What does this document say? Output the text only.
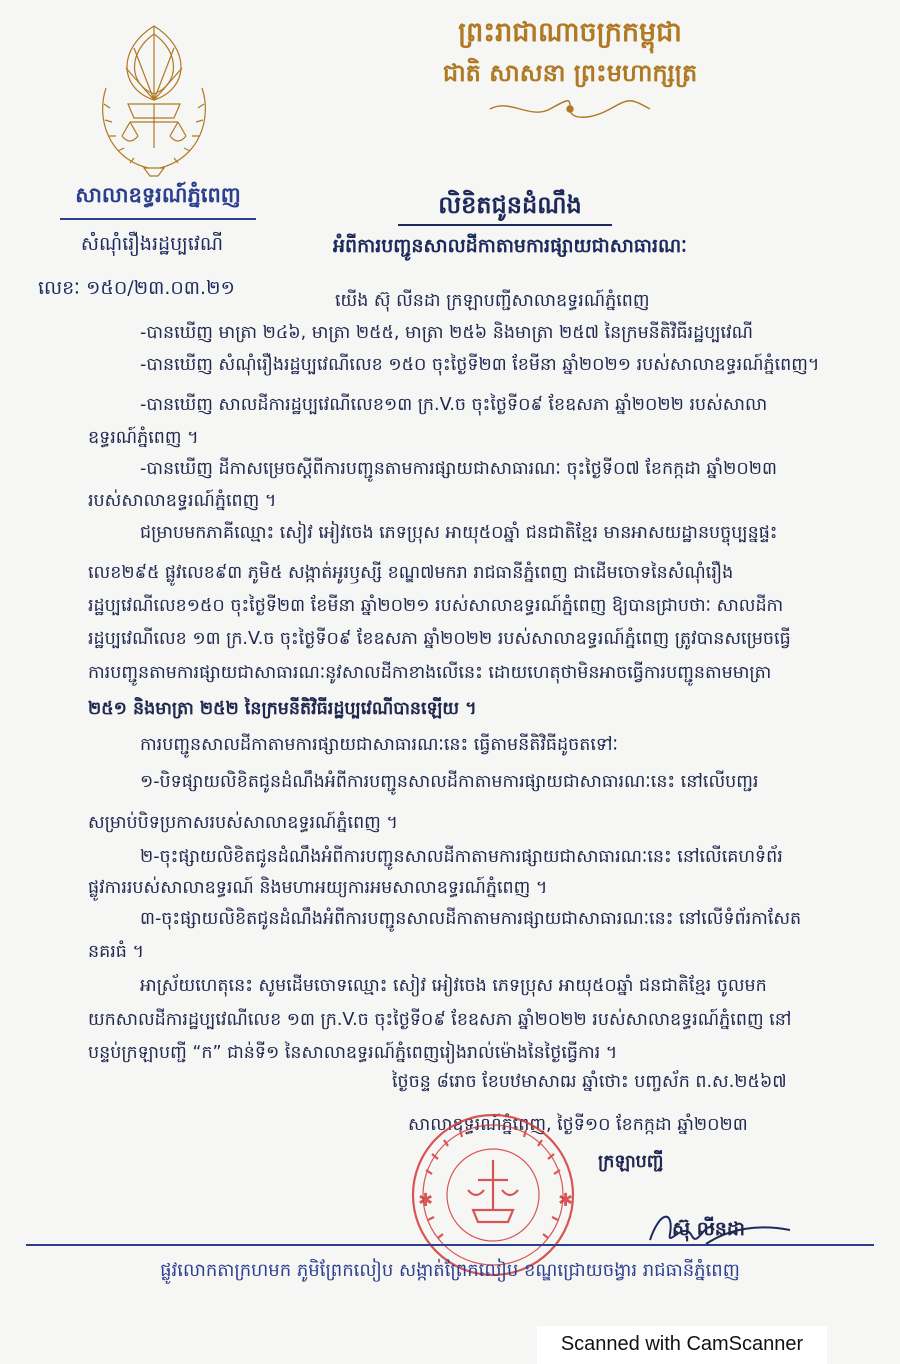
ព្រះរាជាណាចក្រកម្ពុជា
ជាតិ សាសនា ព្រះមហាក្សត្រ
សាលាឧទ្ធរណ៍ភ្នំពេញ
សំណុំរឿងរដ្ឋប្បវេណី
លេខៈ ១៥០/២៣.០៣.២១
លិខិតជូនដំណឹង
អំពីការបញ្ជូនសាលដីកាតាមការផ្សាយជាសាធារណៈ
យើង ស៊ុ លីនដា ក្រឡាបញ្ជីសាលាឧទ្ធរណ៍ភ្នំពេញ
-បានឃើញ មាត្រា ២៤៦, មាត្រា ២៥៥, មាត្រា ២៥៦ និងមាត្រា ២៥៧ នៃក្រមនីតិវិធីរដ្ឋប្បវេណី
-បានឃើញ សំណុំរឿងរដ្ឋប្បវេណីលេខ ១៥០ ចុះថ្ងៃទី២៣ ខែមីនា ឆ្នាំ២០២១ របស់សាលាឧទ្ធរណ៍ភ្នំពេញ។
-បានឃើញ សាលដីការដ្ឋប្បវេណីលេខ១៣ ក្រ.V.ច ចុះថ្ងៃទី០៩ ខែឧសភា ឆ្នាំ២០២២ របស់សាលា
ឧទ្ធរណ៍ភ្នំពេញ ។
-បានឃើញ ដីកាសម្រេចស្តីពីការបញ្ជូនតាមការផ្សាយជាសាធារណៈ ចុះថ្ងៃទី០៧ ខែកក្កដា ឆ្នាំ២០២៣
របស់សាលាឧទ្ធរណ៍ភ្នំពេញ ។
ជម្រាបមកភាគីឈ្មោះ សៀវ អៀវចេង ភេទប្រុស អាយុ៥០ឆ្នាំ ជនជាតិខ្មែរ មានអាសយដ្ឋានបច្ចុប្បន្នផ្ទះ
លេខ២៩៥ ផ្លូវលេខ៩៣ ភូមិ៥ សង្កាត់អូរឫស្សី ខណ្ឌ៧មករា រាជធានីភ្នំពេញ ជាដើមចោទនៃសំណុំរឿង
រដ្ឋប្បវេណីលេខ១៥០ ចុះថ្ងៃទី២៣ ខែមីនា ឆ្នាំ២០២១ របស់សាលាឧទ្ធរណ៍ភ្នំពេញ ឱ្យបានជ្រាបថាៈ សាលដីកា
រដ្ឋប្បវេណីលេខ ១៣ ក្រ.V.ច ចុះថ្ងៃទី០៩ ខែឧសភា ឆ្នាំ២០២២ របស់សាលាឧទ្ធរណ៍ភ្នំពេញ ត្រូវបានសម្រេចធ្វើ
ការបញ្ជូនតាមការផ្សាយជាសាធារណៈនូវសាលដីកាខាងលើនេះ ដោយហេតុថាមិនអាចធ្វើការបញ្ជូនតាមមាត្រា
២៥១ និងមាត្រា ២៥២ នៃក្រមនីតិវិធីរដ្ឋប្បវេណីបានឡើយ ។
ការបញ្ជូនសាលដីកាតាមការផ្សាយជាសាធារណៈនេះ ធ្វើតាមនីតិវិធីដូចតទៅៈ
១-បិទផ្សាយលិខិតជូនដំណឹងអំពីការបញ្ជូនសាលដីកាតាមការផ្សាយជាសាធារណៈនេះ នៅលើបញ្ជរ
សម្រាប់បិទប្រកាសរបស់សាលាឧទ្ធរណ៍ភ្នំពេញ ។
២-ចុះផ្សាយលិខិតជូនដំណឹងអំពីការបញ្ជូនសាលដីកាតាមការផ្សាយជាសាធារណៈនេះ នៅលើគេហទំព័រ
ផ្លូវការរបស់សាលាឧទ្ធរណ៍ និងមហាអយ្យការអមសាលាឧទ្ធរណ៍ភ្នំពេញ ។
៣-ចុះផ្សាយលិខិតជូនដំណឹងអំពីការបញ្ជូនសាលដីកាតាមការផ្សាយជាសាធារណៈនេះ នៅលើទំព័រកាសែត
នគរធំ ។
អាស្រ័យហេតុនេះ សូមដើមចោទឈ្មោះ សៀវ អៀវចេង ភេទប្រុស អាយុ៥០ឆ្នាំ ជនជាតិខ្មែរ ចូលមក
យកសាលដីការដ្ឋប្បវេណីលេខ ១៣ ក្រ.V.ច ចុះថ្ងៃទី០៩ ខែឧសភា ឆ្នាំ២០២២ របស់សាលាឧទ្ធរណ៍ភ្នំពេញ នៅ
បន្ទប់ក្រឡាបញ្ជី “ក” ជាន់ទី១ នៃសាលាឧទ្ធរណ៍ភ្នំពេញរៀងរាល់ម៉ោងនៃថ្ងៃធ្វើការ ។
ថ្ងៃចន្ទ ៨រោច ខែបឋមាសាឍ ឆ្នាំថោះ បញ្ចស័ក ព.ស.២៥៦៧
សាលាឧទ្ធរណ៍ភ្នំពេញ, ថ្ងៃទី១០ ខែកក្កដា ឆ្នាំ២០២៣
ក្រឡាបញ្ជី
✱	✱
ស៊ុ លីនដា
ផ្លូវលោកតាក្រហមក ភូមិព្រែកលៀប សង្កាត់ព្រែកលៀប ខណ្ឌជ្រោយចង្វារ រាជធានីភ្នំពេញ
Scanned with CamScanner
